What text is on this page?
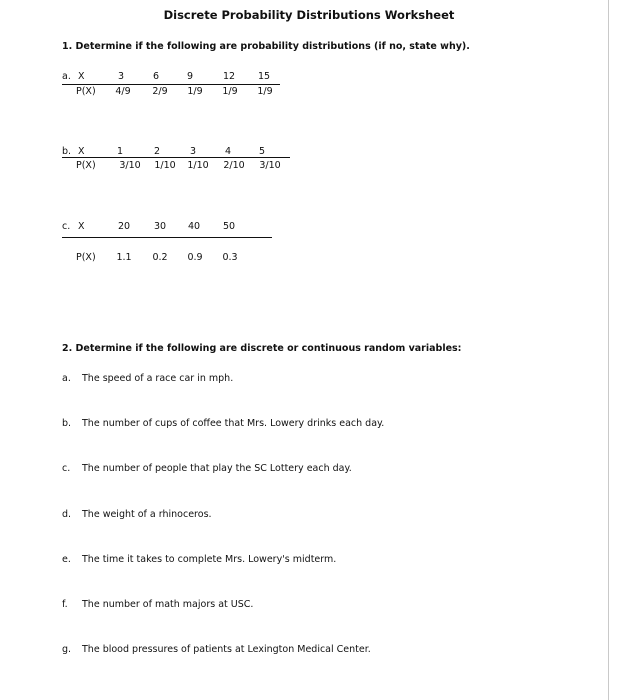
Discrete Probability Distributions Worksheet
1. Determine if the following are probability distributions (if no, state why).
a. X	3	6	9	12	15
P(X)	4/9	2/9	1/9	1/9	1/9
b. X	1	2	3	4	5
P(X)	3/10	1/10	1/10	2/10	3/10
c. X	20	30	40	50
P(X)	1.1	0.2	0.9	0.3
2. Determine if the following are discrete or continuous random variables:
a. The speed of a race car in mph.
b. The number of cups of coffee that Mrs. Lowery drinks each day.
c. The number of people that play the SC Lottery each day.
d. The weight of a rhinoceros.
e. The time it takes to complete Mrs. Lowery's midterm.
f. The number of math majors at USC.
g. The blood pressures of patients at Lexington Medical Center.
